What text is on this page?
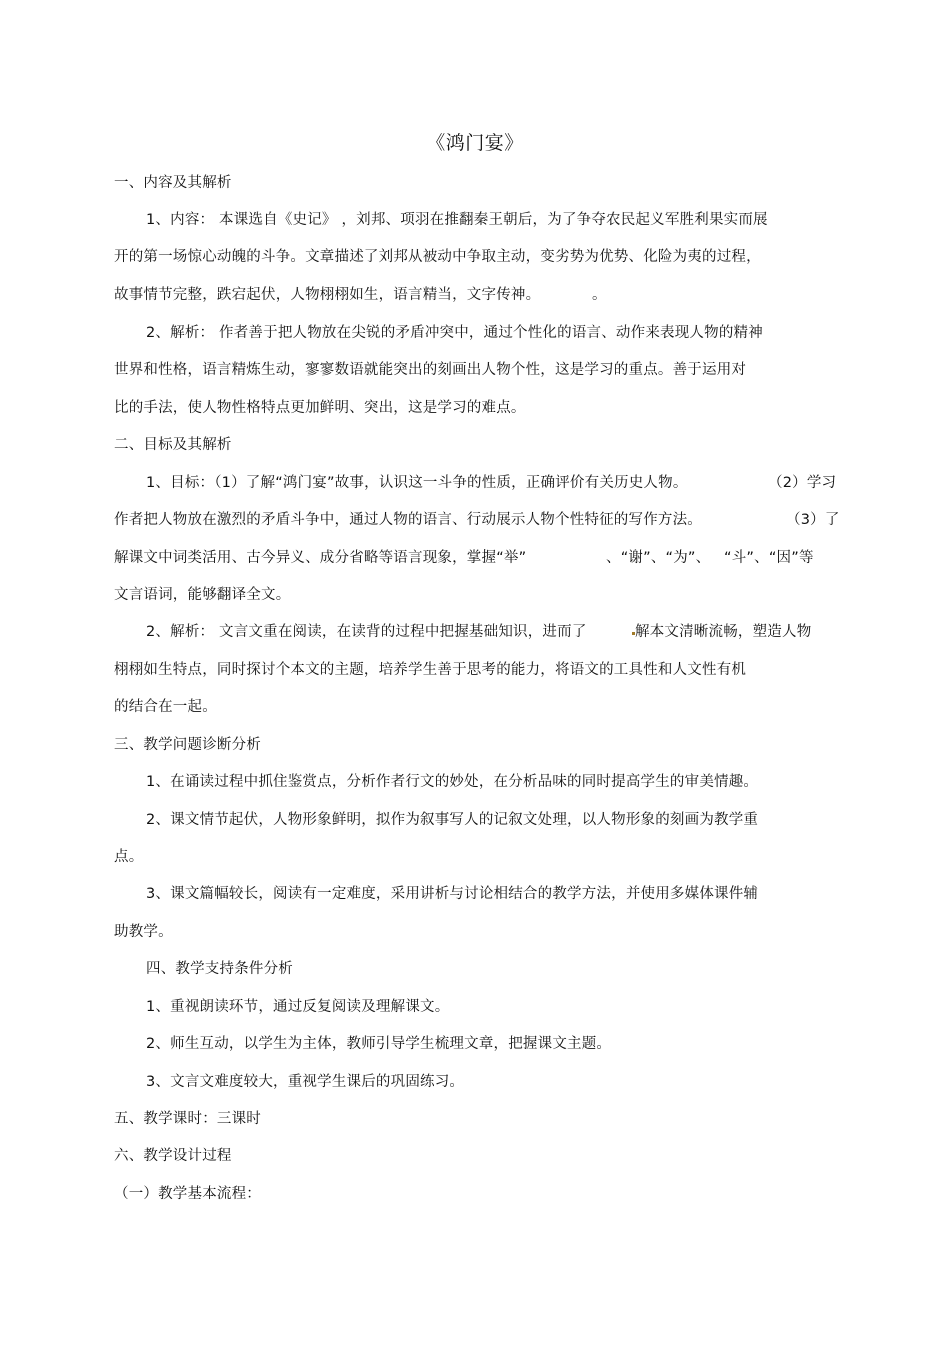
《鸿门宴》
一、内容及其解析
1、内容： 本课选自《史记》 ，刘邦、项羽在推翻秦王朝后，为了争夺农民起义军胜利果实而展
开的第一场惊心动魄的斗争。文章描述了刘邦从被动中争取主动，变劣势为优势、化险为夷的过程，
故事情节完整，跌宕起伏，人物栩栩如生，语言精当，文字传神。	。
2、解析： 作者善于把人物放在尖锐的矛盾冲突中，通过个性化的语言、动作来表现人物的精神
世界和性格，语言精炼生动，寥寥数语就能突出的刻画出人物个性，这是学习的重点。善于运用对
比的手法，使人物性格特点更加鲜明、突出，这是学习的难点。
二、目标及其解析
1、目标：（1）了解“鸿门宴”故事，认识这一斗争的性质，正确评价有关历史人物。	（2）学习
作者把人物放在激烈的矛盾斗争中，通过人物的语言、行动展示人物个性特征的写作方法。	（3）了
解课文中词类活用、古今异义、成分省略等语言现象，掌握“举”	、“谢”、“为”、 “斗”、“因”等
文言语词，能够翻译全文。
2、解析： 文言文重在阅读，在读背的过程中把握基础知识，进而了	解本文清晰流畅，塑造人物
栩栩如生特点，同时探讨个本文的主题，培养学生善于思考的能力，将语文的工具性和人文性有机
的结合在一起。
三、教学问题诊断分析
1、在诵读过程中抓住鉴赏点，分析作者行文的妙处，在分析品味的同时提高学生的审美情趣。
2、课文情节起伏，人物形象鲜明，拟作为叙事写人的记叙文处理，以人物形象的刻画为教学重
点。
3、课文篇幅较长，阅读有一定难度，采用讲析与讨论相结合的教学方法，并使用多媒体课件辅
助教学。
四、教学支持条件分析
1、重视朗读环节，通过反复阅读及理解课文。
2、师生互动，以学生为主体，教师引导学生梳理文章，把握课文主题。
3、文言文难度较大，重视学生课后的巩固练习。
五、教学课时：三课时
六、教学设计过程
（一）教学基本流程：
